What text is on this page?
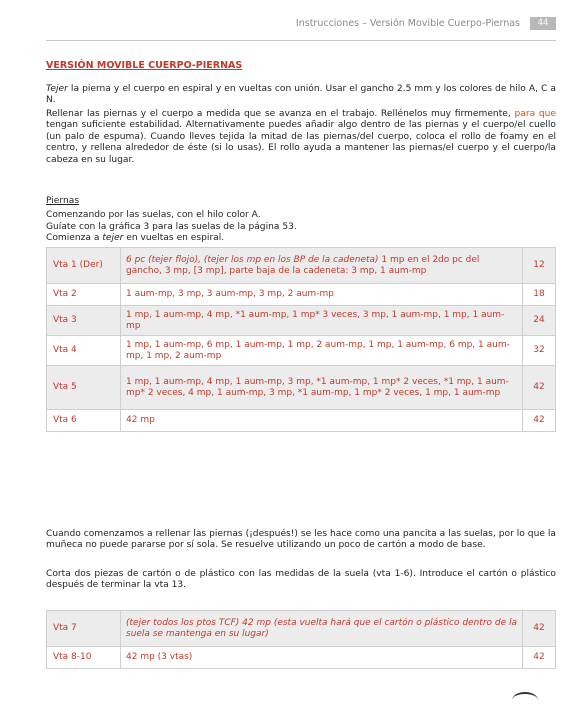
Instrucciones – Versión Movible Cuerpo-Piernas	44
VERSIÓN MOVIBLE CUERPO-PIERNAS
Tejer la pierna y el cuerpo en espiral y en vueltas con unión. Usar el gancho 2.5 mm y los colores de hilo A, C a N.
Rellenar las piernas y el cuerpo a medida que se avanza en el trabajo. Rellénelos muy firmemente, para que tengan suficiente estabilidad. Alternativamente puedes añadir algo dentro de las piernas y el cuerpo/el cuello (un palo de espuma). Cuando lleves tejida la mitad de las piernas/del cuerpo, coloca el rollo de foamy en el centro, y rellena alrededor de éste (si lo usas). El rollo ayuda a mantener las piernas/el cuerpo y el cuerpo/la cabeza en su lugar.
Piernas
Comenzando por las suelas, con el hilo color A.
Guíate con la gráfica 3 para las suelas de la página 53.
Comienza a tejer en vueltas en espiral.
Vta 1 (Der)	6 pc (tejer flojo), (tejer los mp en los BP de la cadeneta) 1 mp en el 2do pc del gancho, 3 mp, [3 mp], parte baja de la cadeneta: 3 mp, 1 aum-mp	12
Vta 2	1 aum-mp, 3 mp, 3 aum-mp, 3 mp, 2 aum-mp	18
Vta 3	1 mp, 1 aum-mp, 4 mp, *1 aum-mp, 1 mp* 3 veces, 3 mp, 1 aum-mp, 1 mp, 1 aum-mp	24
Vta 4	1 mp, 1 aum-mp, 6 mp, 1 aum-mp, 1 mp, 2 aum-mp, 1 mp, 1 aum-mp, 6 mp, 1 aum-mp, 1 mp, 2 aum-mp	32
Vta 5	1 mp, 1 aum-mp, 4 mp, 1 aum-mp, 3 mp, *1 aum-mp, 1 mp* 2 veces, *1 mp, 1 aum-mp* 2 veces, 4 mp, 1 aum-mp, 3 mp, *1 aum-mp, 1 mp* 2 veces, 1 mp, 1 aum-mp	42
Vta 6	42 mp	42
Cuando comenzamos a rellenar las piernas (¡después!) se les hace como una pancita a las suelas, por lo que la muñeca no puede pararse por sí sola. Se resuelve utilizando un poco de cartón a modo de base.
Corta dos piezas de cartón o de plástico con las medidas de la suela (vta 1-6). Introduce el cartón o plástico después de terminar la vta 13.
Vta 7	(tejer todos los ptos TCF) 42 mp (esta vuelta hará que el cartón o plástico dentro de la suela se mantenga en su lugar)	42
Vta 8-10	42 mp (3 vtas)	42
